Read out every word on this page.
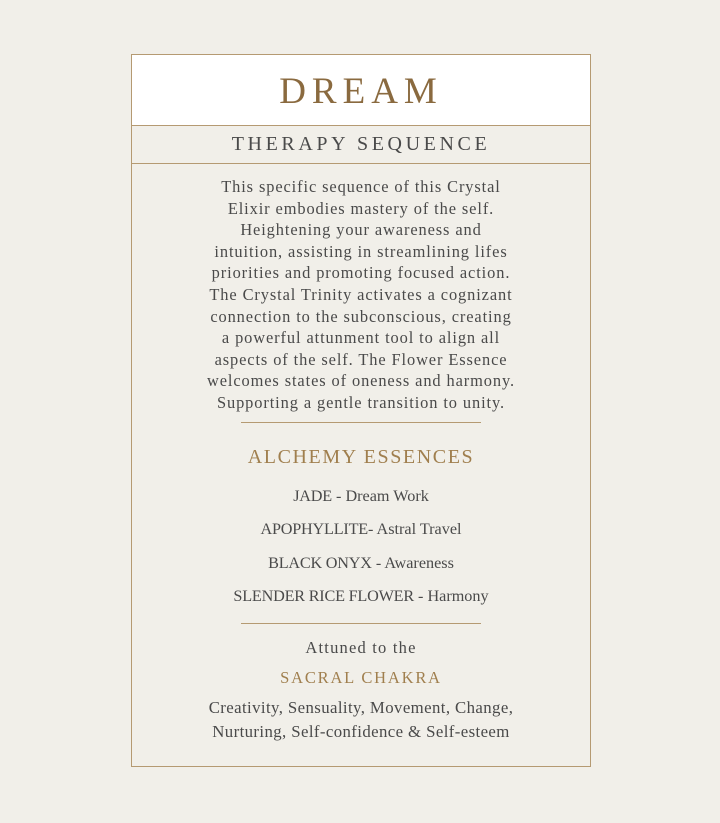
DREAM
THERAPY SEQUENCE
This specific sequence of this Crystal
Elixir embodies mastery of the self.
Heightening your awareness and
intuition, assisting in streamlining lifes
priorities and promoting focused action.
The Crystal Trinity activates a cognizant
connection to the subconscious, creating
a powerful attunment tool to align all
aspects of the self. The Flower Essence
welcomes states of oneness and harmony.
Supporting a gentle transition to unity.
ALCHEMY ESSENCES
JADE - Dream Work
APOPHYLLITE- Astral Travel
BLACK ONYX - Awareness
SLENDER RICE FLOWER - Harmony
Attuned to the
SACRAL CHAKRA
Creativity, Sensuality, Movement, Change,
Nurturing, Self-confidence & Self-esteem
